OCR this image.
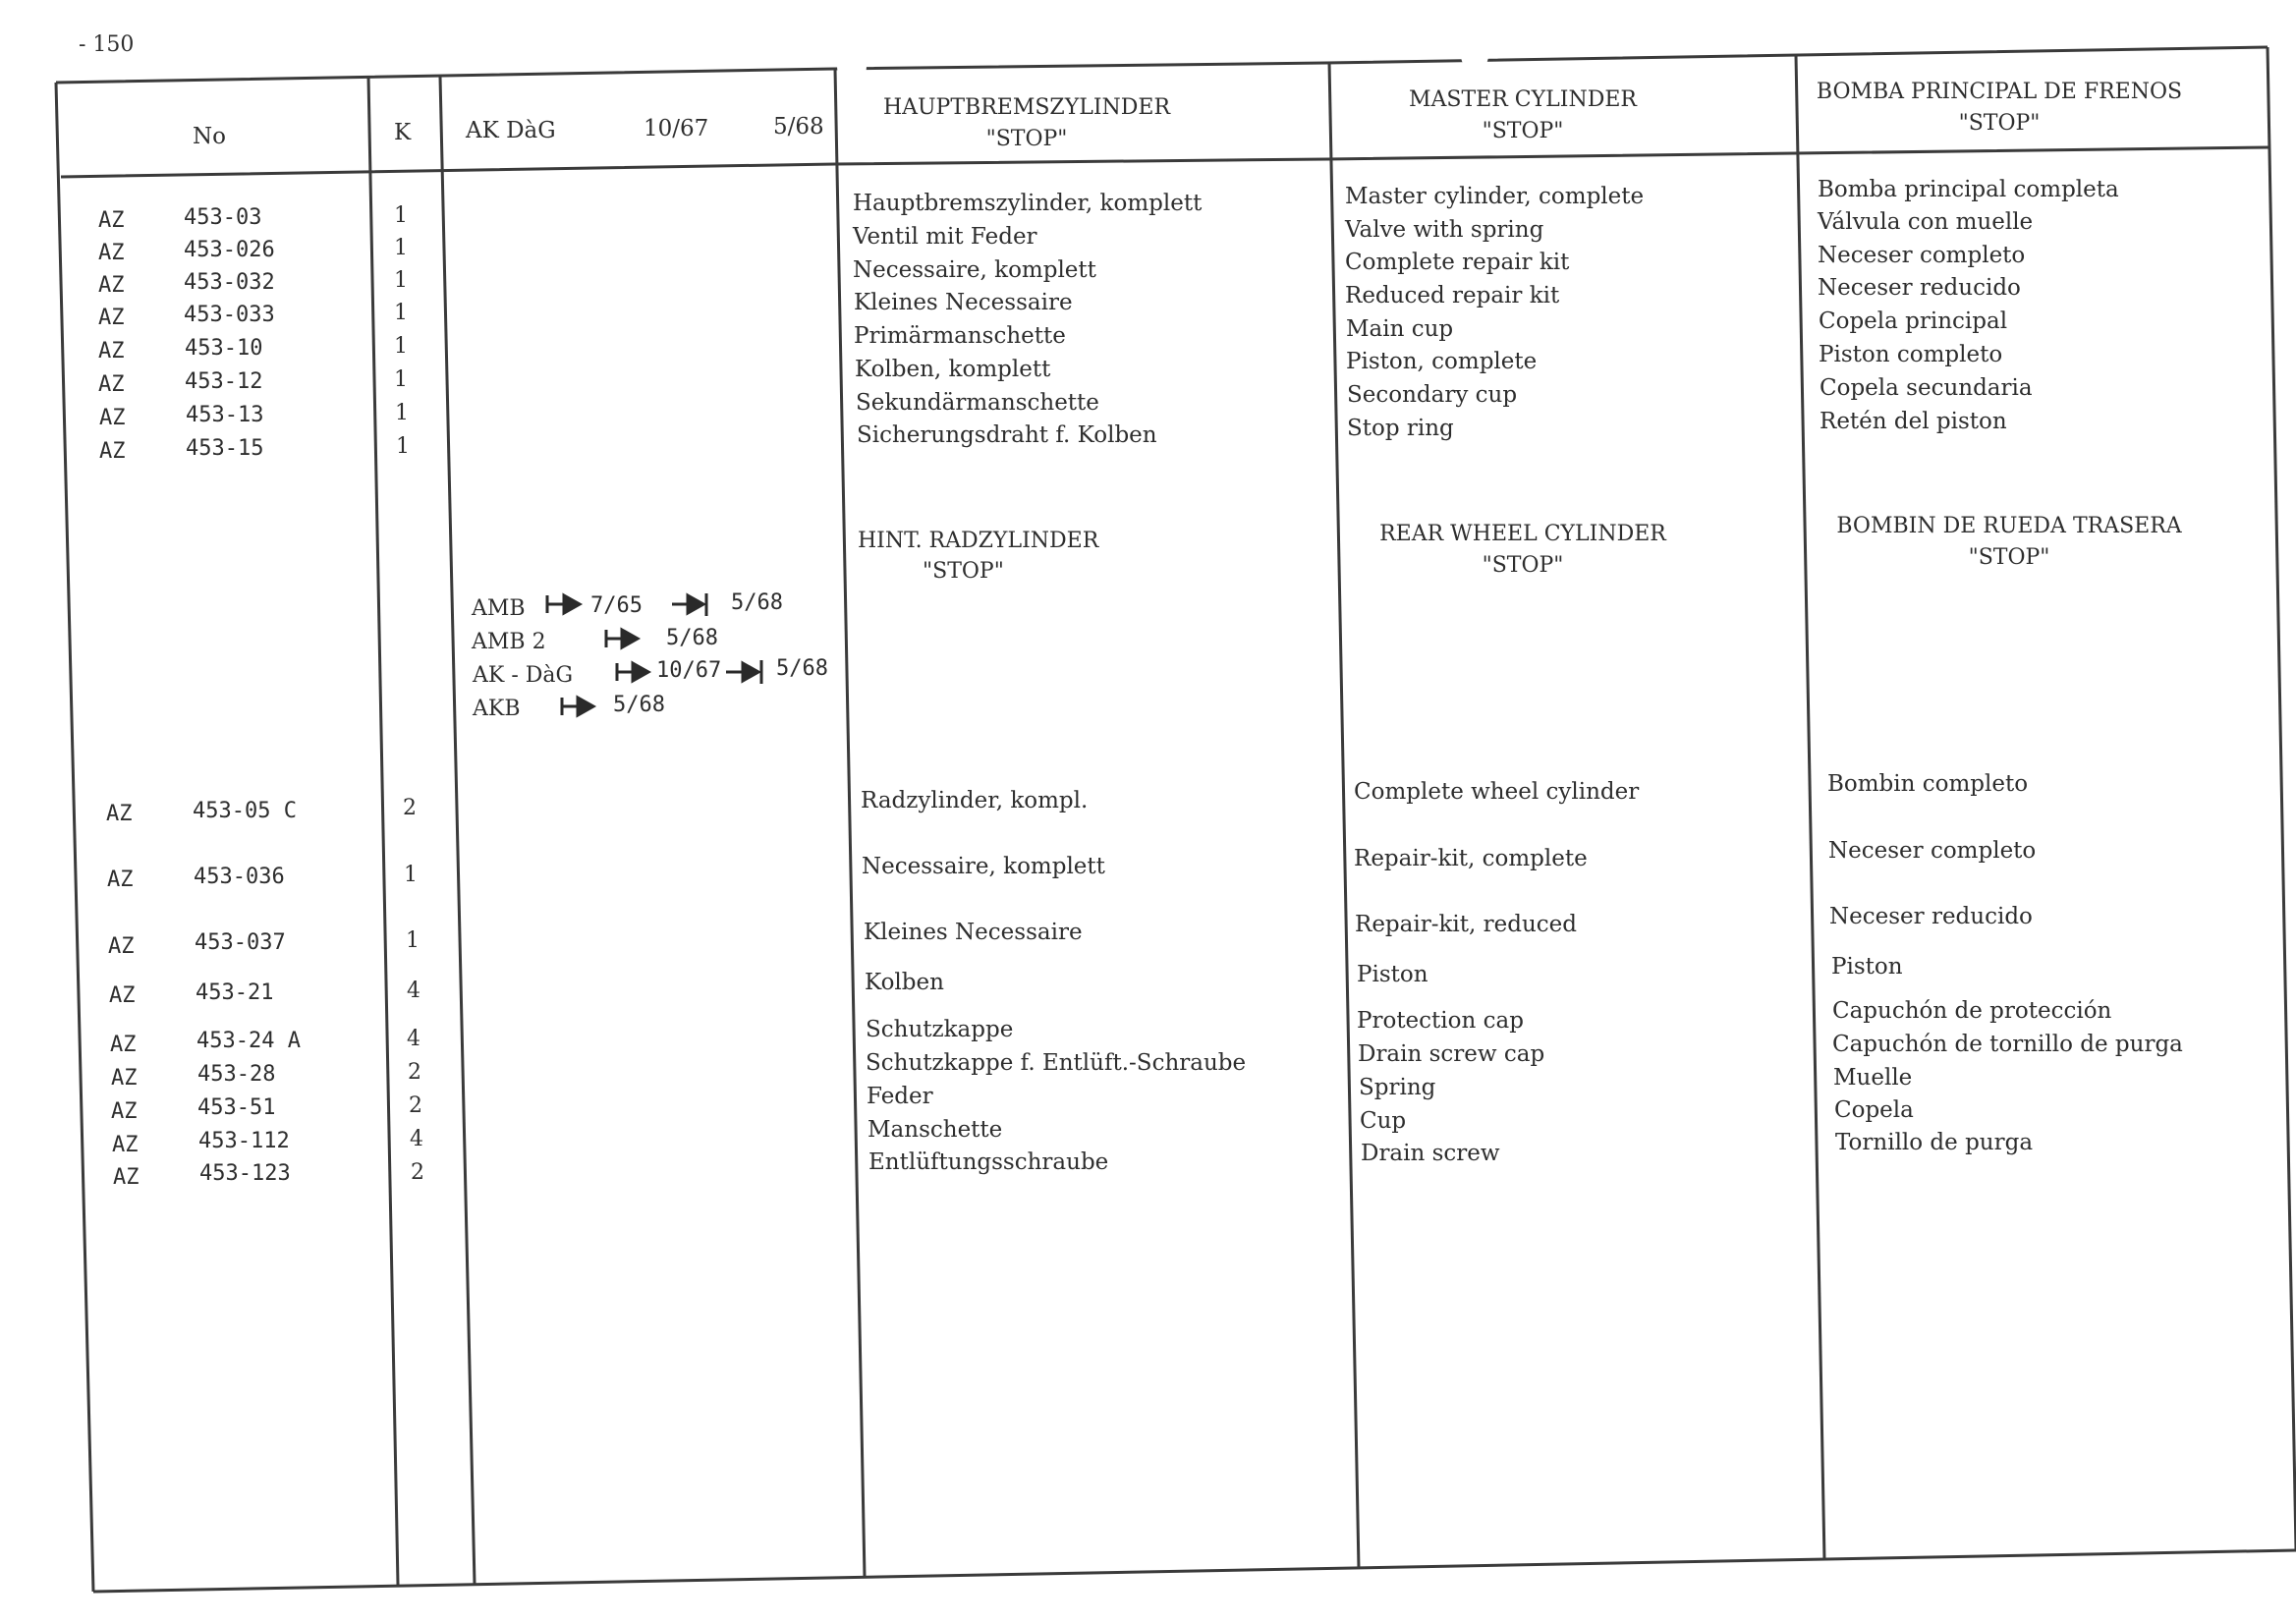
- 150
No	K AK DàG	10/67	5/68
HAUPTBREMSZYLINDER
"STOP"
MASTER CYLINDER
"STOP"
BOMBA PRINCIPAL DE FRENOS
"STOP"
AZ	453-03	1	Hauptbremszylinder, komplett	Master cylinder, complete	Bomba principal completa
AZ	453-026	1	Ventil mit Feder	Valve with spring	Válvula con muelle
AZ	453-032	1	Necessaire, komplett	Complete repair kit	Neceser completo
AZ	453-033	1	Kleines Necessaire	Reduced repair kit	Neceser reducido
AZ	453-10	1	Primärmanschette	Main cup	Copela principal
AZ	453-12	1	Kolben, komplett	Piston, complete	Piston completo
AZ	453-13	1	Sekundärmanschette	Secondary cup	Copela secundaria
AZ	453-15	1	Sicherungsdraht f. Kolben	Stop ring	Retén del piston
HINT. RADZYLINDER
"STOP"
REAR WHEEL CYLINDER
"STOP"
BOMBIN DE RUEDA TRASERA
"STOP"
AMB	7/65	5/68
AMB 2	5/68
AK - DàG	10/67	5/68
AKB	5/68
AZ	453-05 C	2	Radzylinder, kompl.	Complete wheel cylinder	Bombin completo
AZ	453-036	1	Necessaire, komplett	Repair-kit, complete	Neceser completo
AZ	453-037	1	Kleines Necessaire	Repair-kit, reduced	Neceser reducido
AZ	453-21	4	Kolben	Piston	Piston
AZ	453-24 A	4	Schutzkappe	Protection cap	Capuchón de protección
AZ	453-28	2	Schutzkappe f. Entlüft.-Schraube	Drain screw cap	Capuchón de tornillo de purga
AZ	453-51	2	Feder	Spring	Muelle
AZ	453-112	4	Manschette	Cup	Copela
AZ	453-123	2	Entlüftungsschraube	Drain screw	Tornillo de purga
